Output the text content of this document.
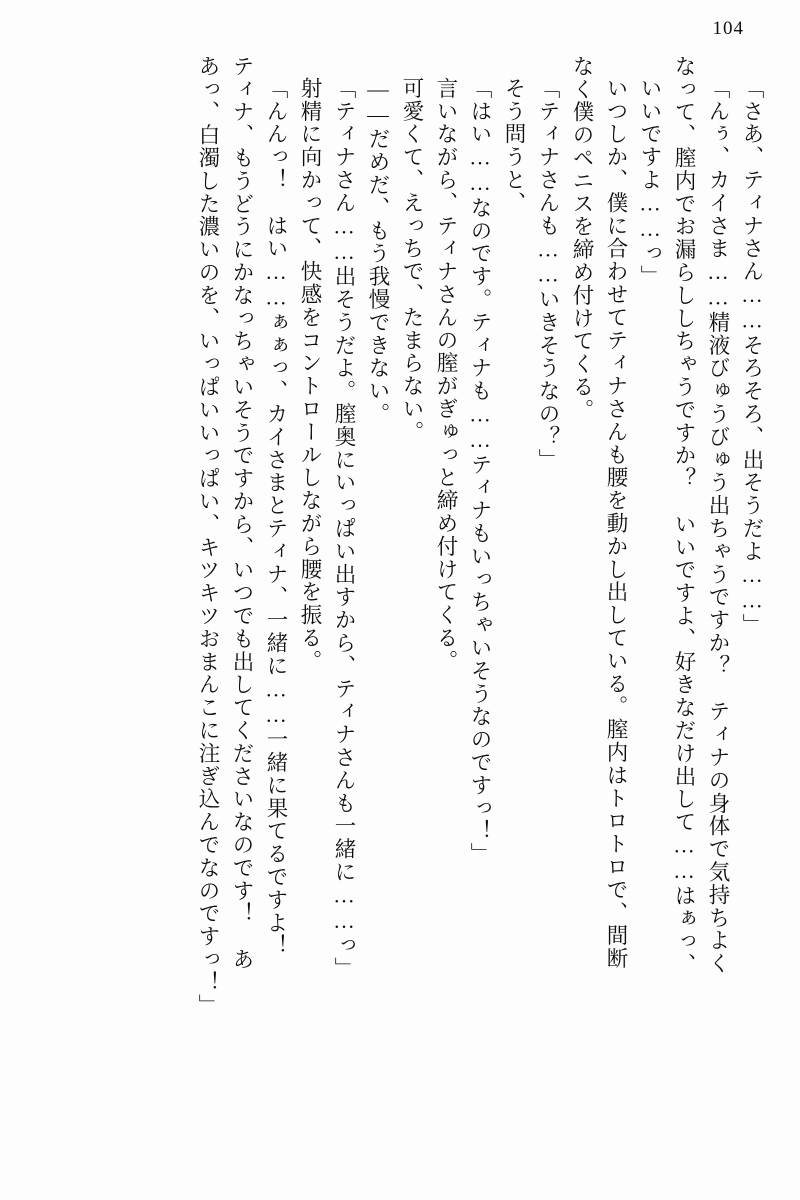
104
「さあ、ティナさん……そろそろ、出そうだよ……」
「んぅ、カイさま……精液びゅうびゅう出ちゃうですか？　ティナの身体で気持ちよく
なって、膣内でお漏らししちゃうですか？　いいですよ、好きなだけ出して……はぁっ、
いいですよ……っ」
いつしか、僕に合わせてティナさんも腰を動かし出している。膣内はトロトロで、間断
なく僕のペニスを締め付けてくる。
「ティナさんも……いきそうなの？」
そう問うと、
「はい……なのです。ティナも……ティナもいっちゃいそうなのですっ！」
言いながら、ティナさんの膣がぎゅっと締め付けてくる。
可愛くて、えっちで、たまらない。
――だめだ、もう我慢できない。
「ティナさん……出そうだよ。膣奥にいっぱい出すから、ティナさんも一緒に……っ」
射精に向かって、快感をコントロールしながら腰を振る。
「んんっ！　はい……ぁぁっ、カイさまとティナ、一緒に……一緒に果てるですよ！
ティナ、もうどうにかなっちゃいそうですから、いつでも出してくださいなのです！　あ
あっ、白濁した濃いのを、いっぱいいっぱい、キツキツおまんこに注ぎ込んでなのですっ！」
